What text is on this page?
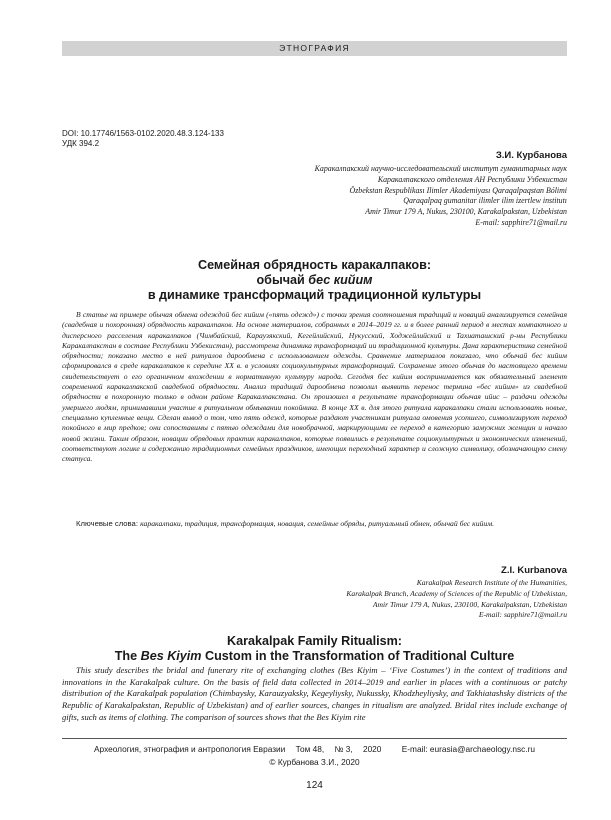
ЭТНОГРАФИЯ
DOI: 10.17746/1563-0102.2020.48.3.124-133
УДК 394.2
З.И. Курбанова
Каракалпакский научно-исследовательский институт гуманитарных наук
Каракалпакского отделения АН Республики Узбекистан
Özbekstan Respublikası Ilimler Akademiyası Qaraqalpaqstan Bólimi
Qaraqalpaq gumanitar ilimler ilim izertlew institutı
Amir Timur 179 A, Nukus, 230100, Karakalpakstan, Uzbekistan
E-mail: sapphire71@mail.ru
Семейная обрядность каракалпаков:
обычай бес кийим
в динамике трансформаций традиционной культуры
В статье на примере обычая обмена одеждой бес кийим («пять одежд») с точки зрения соотношения традиций и новаций анализируется семейная (свадебная и похоронная) обрядность каракалпаков. На основе материалов, собранных в 2014–2019 гг. и в более ранний период в местах компактного и дисперсного расселения каракалпаков (Чимбайский, Караузякский, Кегейлийский, Нукусский, Ходжейлийский и Тахиаташский р-ны Республики Каракалпакстан в составе Республики Узбекистан), рассмотрена динамика трансформаций ии традиционной культуры. Дана характеристика семейной обрядности; показано место в ней ритуалов дарообмена с использованием одежды. Сравнение материалов показало, что обычай бес кийим сформировался в среде каракалпаков к середине XX в. в условиях социокультурных трансформаций. Сохранение этого обычая до настоящего времени свидетельствует о его органичном вхождении в нормативную культуру народа. Сегодня бес кийим воспринимается как обязательный элемент современной каракалпакской свадебной обрядности. Анализ традиций дарообмена позволил выявить перенос термина «бес кийим» из свадебной обрядности в похоронную только в одном районе Каракалпакстана. Он произошел в результате трансформации обычая ийис – раздачи одежды умершего людям, принимавшим участие в ритуальном обмывании покойника. В конце XX в. для этого ритуала каракалпаки стали использовать новые, специально купленные вещи. Сделан вывод о том, что пять одежд, которые раздают участникам ритуала омовения усопшего, символизируют переход покойного в мир предков; они сопоставимы с пятью одеждами для новобрачной, маркирующими ее переход в категорию замужних женщин и начало новой жизни. Таким образом, новации обрядовых практик каракалпаков, которые появились в результате социокультурных и экономических изменений, соответствуют логике и содержанию традиционных семейных праздников, имеющих переходный характер и сложную символику, обозначающую смену статуса.
Ключевые слова: каракалпаки, традиция, трансформация, новация, семейные обряды, ритуальный обмен, обычай бес кийим.
Z.I. Kurbanova
Karakalpak Research Institute of the Humanities,
Karakalpak Branch, Academy of Sciences of the Republic of Uzbekistan,
Amir Timur 179 A, Nukus, 230100, Karakalpakstan, Uzbekistan
E-mail: sapphire71@mail.ru
Karakalpak Family Ritualism:
The Bes Kiyim Custom in the Transformation of Traditional Culture
This study describes the bridal and funerary rite of exchanging clothes (Bes Kiyim – ‘Five Costumes’) in the context of traditions and innovations in the Karakalpak culture. On the basis of field data collected in 2014–2019 and earlier in places with a continuous or patchy distribution of the Karakalpak population (Chimbaysky, Karauzyaksky, Kegeyliysky, Nukussky, Khodzheyliysky, and Takhiatashsky districts of the Republic of Karakalpakstan, Republic of Uzbekistan) and of earlier sources, changes in ritualism are analyzed. Bridal rites include exchange of gifts, such as items of clothing. The comparison of sources shows that the Bes Kiyim rite
Археология, этнография и антропология Евразии Том 48, № 3, 2020 E-mail: eurasia@archaeology.nsc.ru
© Курбанова З.И., 2020
124
